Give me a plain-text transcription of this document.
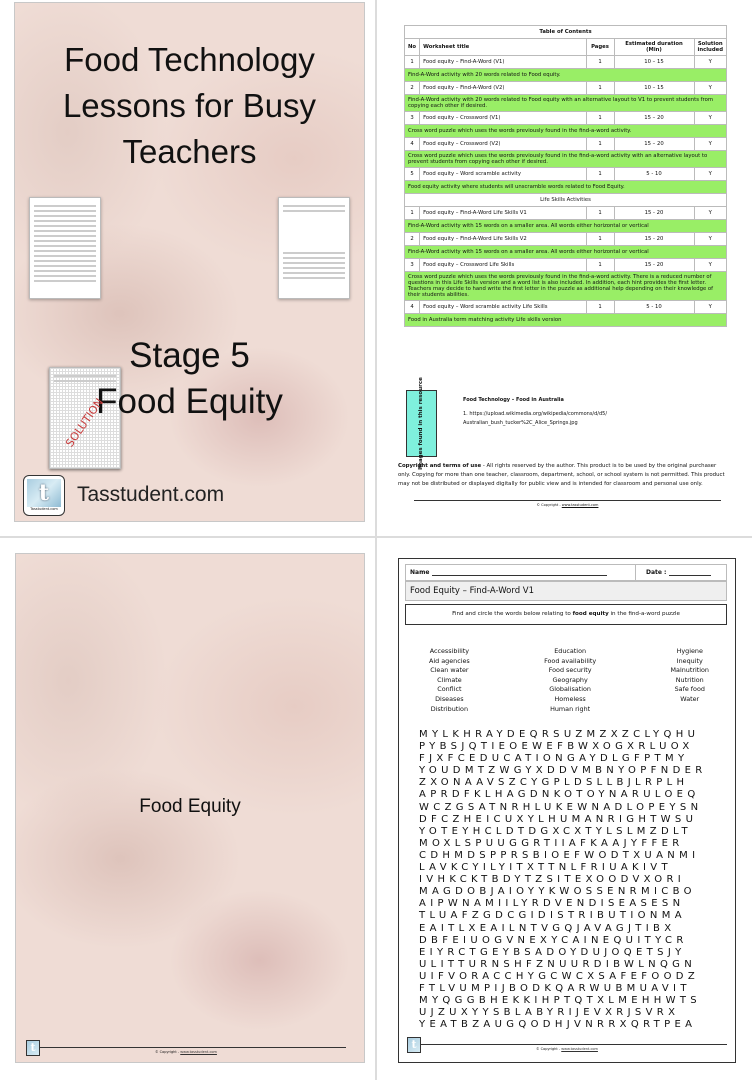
Food Technology
Lessons for Busy
Teachers
SOLUTION
Stage 5
Food Equity
t
Tasstudent.com
Tasstudent.com
Table of Contents				
No	Worksheet title	Pages	Estimated duration (Min)	Solution included
1	Food equity – Find-A-Word (V1)	1	10 – 15	Y
Find-A-Word activity with 20 words related to Food equity.				
2	Food equity – Find-A-Word (V2)	1	10 – 15	Y
Find-A-Word activity with 20 words related to Food equity with an alternative layout to V1 to prevent students from copying each other if desired.				
3	Food equity – Crossword (V1)	1	15 – 20	Y
Cross word puzzle which uses the words previously found in the find-a-word activity.				
4	Food equity – Crossword (V2)	1	15 – 20	Y
Cross word puzzle which uses the words previously found in the find-a-word activity with an alternative layout to prevent students from copying each other if desired.				
5	Food equity – Word scramble activity	1	5 - 10	Y
Food equity activity where students will unscramble words related to Food Equity.				
Life Skills Activities				
1	Food equity – Find-A-Word Life Skills V1	1	15 - 20	Y
Find-A-Word activity with 15 words on a smaller area. All words either horizontal or vertical				
2	Food equity – Find-A-Word Life Skills V2	1	15 - 20	Y
Find-A-Word activity with 15 words on a smaller area. All words either horizontal or vertical				
3	Food equity – Crossword Life Skills	1	15 - 20	Y
Cross word puzzle which uses the words previously found in the find-a-word activity. There is a reduced number of questions in this Life Skills version and a word list is also included. In addition, each hint provides the first letter. Teachers may decide to hand write the first letter in the puzzle as additional help depending on their knowledge of their students abilities.				
4	Food equity – Word scramble activity Life Skills	1	5 - 10	Y
Food in Australia term matching activity Life skills version				
Images found in this resource	Food Technology – Food in Australia
1. https://upload.wikimedia.org/wikipedia/commons/d/d5/
Australian_bush_tucker%2C_Alice_Springs.jpg
Copyright and terms of use - All rights reserved by the author. This product is to be used by the original purchaser only. Copying for more than one teacher, classroom, department, school, or school system is not permitted. This product may not be distributed or displayed digitally for public view and is intended for classroom and personal use only.
© Copyright - www.tasstudent.com
Food Equity
t	© Copyright - www.tasstudent.com
Name	Date :
Food Equity – Find-A-Word V1
Find and circle the words below relating to food equity in the find-a-word puzzle
Accessibility
Aid agencies
Clean water
Climate
Conflict
Diseases
Distribution
Education
Food availability
Food security
Geography
Globalisation
Homeless
Human right
Hygiene
Inequity
Malnutrition
Nutrition
Safe food
Water
MYLKHRAYDEQRSUZMZXZCLYQHU
PYBSJQTIEOEWEFBWXOGXRLUOX
FJXFCEDUCATIONGAYDLGFPTMY
YOUDMTZWGYXDDVMBNYOPFNDER
ZXONAAVSZCYGPLDSLLBJLRPLH
APRDFKLHAGDNKOTOYNARULOEQ
WCZGSATNRHLUKEWNADLOPEYSN
DFCZHEICUXYLHUMANRIGHTWSU
YOTEYHCLDTDGXCXTYLSLMZDLT
MOXLSPUUGGRTIIAFKAAJYFFER
CDHMDSPPRSBIOEFWODTXUANMI
LAVKCYILYITXTTNLFRIUAKIVT
IVHKCKTBDYTZSITEXOODVXORI
MAGDOBJAIOYYKWOSSENRMICBO
AIPWNAMIILYRDVENDISEASESN
TLUAFZGDCGIDISTRIBUTIONMA
EAITLXEAILNTVGQJAVAGJTIBX
DBFEIUOGVNEXYCAINEQUITYCR
EIYRCTGEYBSADOYDUJOQETSJY
ULITTURNSHFZNUURDIBWLNQGN
UIFVORACCHYGCWCXSAFEFOODZ
FTLVUMPIJBODKQARWUBMUAVIT
MYQGGBHEKKIHPTQTXLMEHHWTS
UJZUXYYSBLABYRIJEVXRJSVRX
YEATBZAUGQODHJVNRRXQRTPEA
t	© Copyright - www.tasstudent.com
